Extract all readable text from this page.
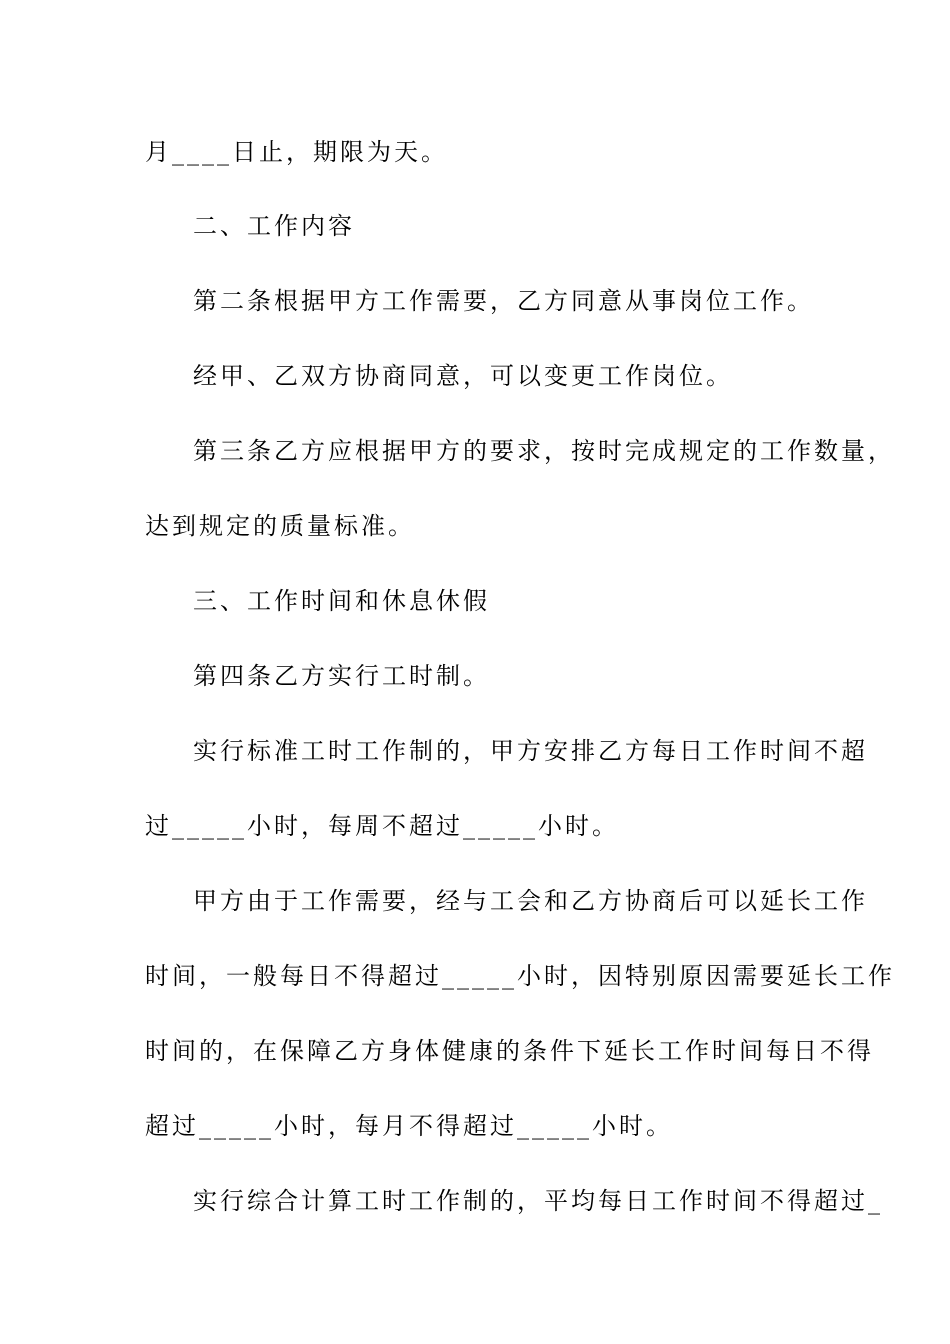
月____日止，期限为天。
二、工作内容
第二条根据甲方工作需要，乙方同意从事岗位工作。
经甲、乙双方协商同意，可以变更工作岗位。
第三条乙方应根据甲方的要求，按时完成规定的工作数量，
达到规定的质量标准。
三、工作时间和休息休假
第四条乙方实行工时制。
实行标准工时工作制的，甲方安排乙方每日工作时间不超
过_____小时，每周不超过_____小时。
甲方由于工作需要，经与工会和乙方协商后可以延长工作
时间，一般每日不得超过_____小时，因特别原因需要延长工作
时间的，在保障乙方身体健康的条件下延长工作时间每日不得
超过_____小时，每月不得超过_____小时。
实行综合计算工时工作制的，平均每日工作时间不得超过_
